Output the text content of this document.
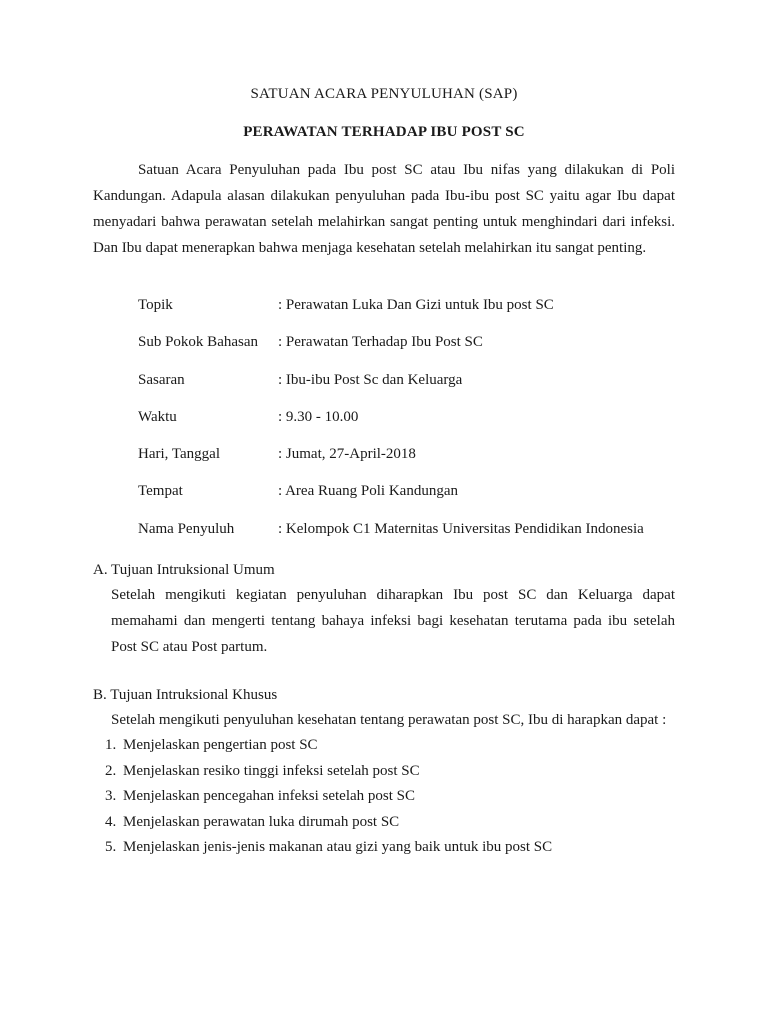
SATUAN ACARA PENYULUHAN (SAP)
PERAWATAN TERHADAP IBU POST SC

Satuan Acara Penyuluhan pada Ibu post SC atau Ibu nifas yang dilakukan di Poli Kandungan. Adapula alasan dilakukan penyuluhan pada Ibu-ibu post SC yaitu agar Ibu dapat menyadari bahwa perawatan setelah melahirkan sangat penting untuk menghindari dari infeksi. Dan Ibu dapat menerapkan bahwa menjaga kesehatan setelah melahirkan itu sangat penting.

Topik	: Perawatan Luka Dan Gizi untuk Ibu post SC
Sub Pokok Bahasan	: Perawatan Terhadap Ibu Post SC
Sasaran	: Ibu-ibu Post Sc dan Keluarga
Waktu	: 9.30 - 10.00
Hari, Tanggal	: Jumat, 27-April-2018
Tempat	: Area Ruang Poli Kandungan
Nama Penyuluh	: Kelompok C1 Maternitas Universitas Pendidikan Indonesia
A. Tujuan Intruksional Umum
Setelah mengikuti kegiatan penyuluhan diharapkan Ibu post SC dan Keluarga dapat memahami dan mengerti tentang bahaya infeksi bagi kesehatan terutama pada ibu setelah Post SC atau Post partum.
B. Tujuan Intruksional Khusus
Setelah mengikuti penyuluhan kesehatan tentang perawatan post SC, Ibu di harapkan dapat :
1. Menjelaskan pengertian post SC
2. Menjelaskan resiko tinggi infeksi setelah post SC
3. Menjelaskan pencegahan infeksi setelah post SC
4. Menjelaskan perawatan luka dirumah post SC
5. Menjelaskan jenis-jenis makanan atau gizi yang baik untuk ibu post SC
